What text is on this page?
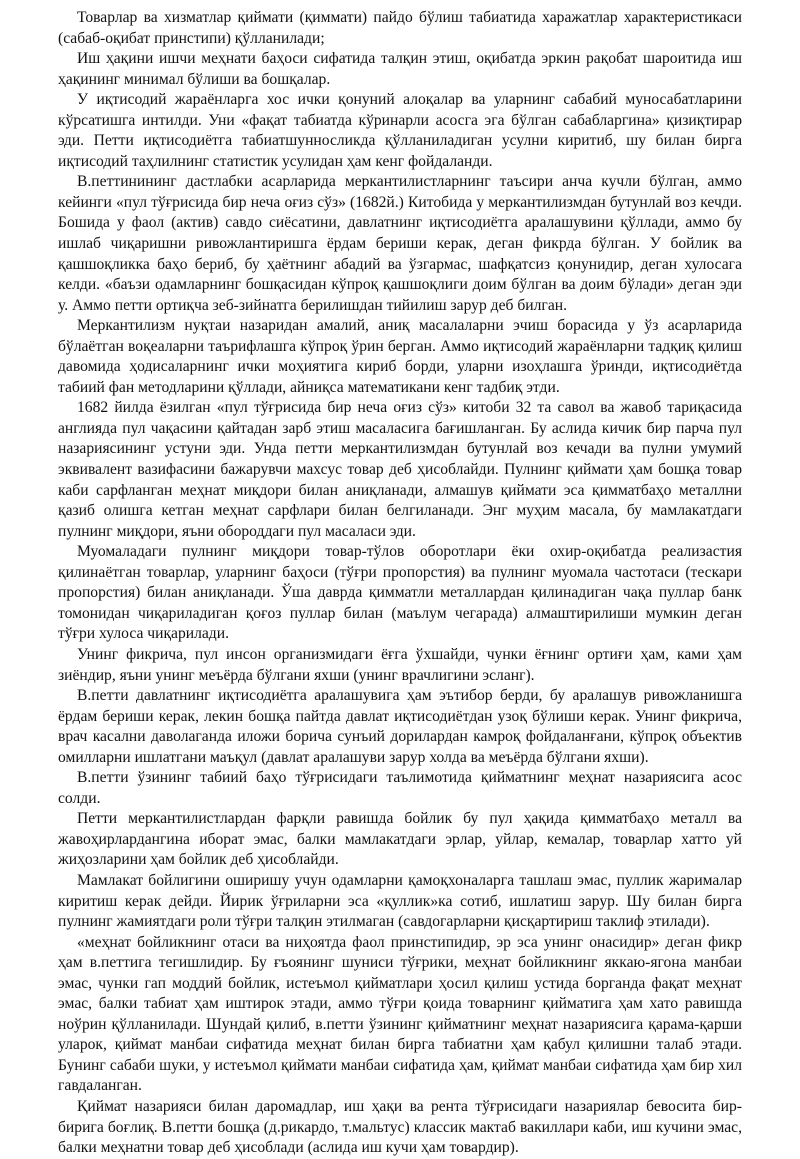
Товарлар ва хизматлар қиймати (қиммати) пайдо бўлиш табиатида харажатлар характеристикаси (сабаб-оқибат принстипи) қўлланилади;

Иш ҳақини ишчи меҳнати баҳоси сифатида талқин этиш, оқибатда эркин рақобат шароитида иш ҳақининг минимал бўлиши ва бошқалар.

У иқтисодий жараёнларга хос ички қонуний алоқалар ва уларнинг сабабий муносабатларини кўрсатишга интилди. Уни «фақат табиатда кўринарли асосга эга бўлган сабабларгина» қизиқтирар эди. Петти иқтисодиётга табиатшунносликда қўлланиладиган усулни киритиб, шу билан бирга иқтисодий таҳлилнинг статистик усулидан ҳам кенг фойдаланди.

В.петтинининг дастлабки асарларида меркантилистларнинг таъсири анча кучли бўлган, аммо кейинги «пул тўғрисида бир неча оғиз сўз» (1682й.) Китобида у меркантилизмдан бутунлай воз кечди. Бошида у фаол (актив) савдо сиёсатини, давлатнинг иқтисодиётга аралашувини қўллади, аммо бу ишлаб чиқаришни ривожлантиришга ёрдам бериши керак, деган фикрда бўлган. У бойлик ва қашшоқликка баҳо бериб, бу ҳаётнинг абадий ва ўзгармас, шафқатсиз қонунидир, деган хулосага келди. «баъзи одамларнинг бошқасидан кўпроқ қашшоқлиги доим бўлган ва доим бўлади» деган эди у. Аммо петти ортиқча зеб-зийнатга берилишдан тийилиш зарур деб билган.

Меркантилизм нуқтаи назаридан амалий, аниқ масалаларни эчиш борасида у ўз асарларида бўлаётган воқеаларни таърифлашга кўпроқ ўрин берган. Аммо иқтисодий жараёнларни тадқиқ қилиш давомида ҳодисаларнинг ички моҳиятига кириб борди, уларни изоҳлашга ўринди, иқтисодиётда табиий фан методларини қўллади, айниқса математикани кенг тадбиқ этди.

1682 йилда ёзилган «пул тўғрисида бир неча оғиз сўз» китоби 32 та савол ва жавоб тариқасида англияда пул чақасини қайтадан зарб этиш масаласига бағишланган. Бу аслида кичик бир парча пул назариясининг устуни эди. Унда петти меркантилизмдан бутунлай воз кечади ва пулни умумий эквивалент вазифасини бажарувчи махсус товар деб ҳисоблайди. Пулнинг қиймати ҳам бошқа товар каби сарфланган меҳнат миқдори билан аниқланади, алмашув қиймати эса қимматбаҳо металлни қазиб олишга кетган меҳнат сарфлари билан белгиланади. Энг муҳим масала, бу мамлакатдаги пулнинг миқдори, яъни обороддаги пул масаласи эди.

Муомаладаги пулнинг миқдори товар-тўлов оборотлари ёки охир-оқибатда реализастия қилинаётган товарлар, уларнинг баҳоси (тўғри пропорстия) ва пулнинг муомала частотаси (тескари пропорстия) билан аниқланади. Ўша даврда қимматли металлардан қилинадиган чақа пуллар банк томонидан чиқариладиган қоғоз пуллар билан (маълум чегарада) алмаштирилиши мумкин деган тўғри хулоса чиқарилади.

Унинг фикрича, пул инсон организмидаги ёғга ўхшайди, чунки ёғнинг ортиғи ҳам, ками ҳам зиёндир, яъни унинг меъёрда бўлгани яхши (унинг врачлигини эсланг).

В.петти давлатнинг иқтисодиётга аралашувига ҳам эътибор берди, бу аралашув ривожланишга ёрдам бериши керак, лекин бошқа пайтда давлат иқтисодиётдан узоқ бўлиши керак. Унинг фикрича, врач касални даволаганда иложи борича сунъий дорилардан камроқ фойдаланғани, кўпроқ объектив омилларни ишлатгани маъқул (давлат аралашуви зарур холда ва меъёрда бўлгани яхши).

В.петти ўзининг табиий баҳо тўғрисидаги таълимотида қийматнинг меҳнат назариясига асос солди.

Петти меркантилистлардан фарқли равишда бойлик бу пул ҳақида қимматбаҳо металл ва жавоҳирлардангина иборат эмас, балки мамлакатдаги эрлар, уйлар, кемалар, товарлар хатто уй жиҳозларини ҳам бойлик деб ҳисоблайди.

Мамлакат бойлигини оширишу учун одамларни қамоқхоналарга ташлаш эмас, пуллик жарималар киритиш керак дейди. Йирик ўғриларни эса «қуллик»ка сотиб, ишлатиш зарур. Шу билан бирга пулнинг жамиятдаги роли тўғри талқин этилмаган (савдогарларни қисқартириш таклиф этилади).

«меҳнат бойликнинг отаси ва ниҳоятда фаол принстипидир, эр эса унинг онасидир» деган фикр ҳам в.петтига тегишлидир. Бу ғъоянинг шуниси тўғрики, меҳнат бойликнинг яккаю-ягона манбаи эмас, чунки гап моддий бойлик, истеъмол қийматлари ҳосил қилиш устида борганда фақат меҳнат эмас, балки табиат ҳам иштирок этади, аммо тўғри қоида товарнинг қийматига ҳам хато равишда ноўрин қўлланилади. Шундай қилиб, в.петти ўзининг қийматнинг меҳнат назариясига қарама-қарши уларок, қиймат манбаи сифатида меҳнат билан бирга табиатни ҳам қабул қилишни талаб этади. Бунинг сабаби шуки, у истеъмол қиймати манбаи сифатида ҳам, қиймат манбаи сифатида ҳам бир хил гавдаланган.

Қиймат назарияси билан даромадлар, иш ҳақи ва рента тўғрисидаги назариялар бевосита бир-бирига боғлиқ. В.петти бошқа (д.рикардо, т.мальтус) классик мактаб вакиллари каби, иш кучини эмас, балки меҳнатни товар деб ҳисоблади (аслида иш кучи ҳам товардир).
